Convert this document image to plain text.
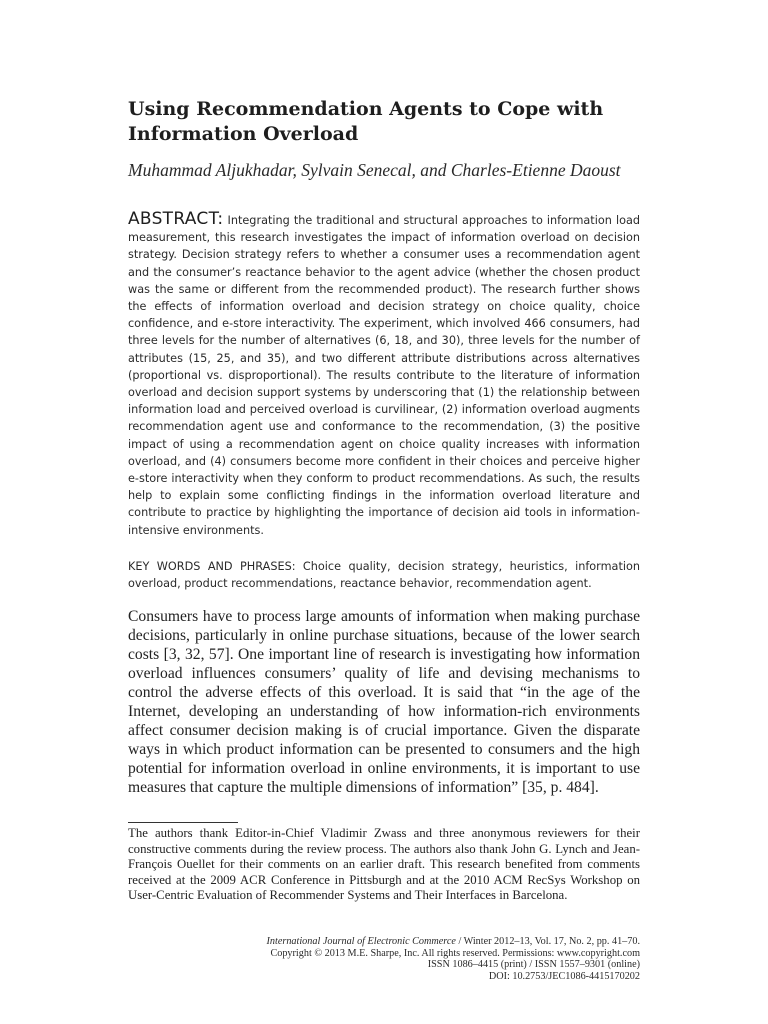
Using Recommendation Agents to Cope with Information Overload
Muhammad Aljukhadar, Sylvain Senecal, and Charles-Etienne Daoust

ABSTRACT: Integrating the traditional and structural approaches to information load measurement, this research investigates the impact of information overload on decision strategy. Decision strategy refers to whether a consumer uses a recommendation agent and the consumer’s reactance behavior to the agent advice (whether the chosen product was the same or different from the recommended product). The research further shows the effects of information overload and decision strategy on choice quality, choice confidence, and e-store interactivity. The experiment, which involved 466 consumers, had three levels for the number of alternatives (6, 18, and 30), three levels for the number of attributes (15, 25, and 35), and two different attribute distributions across alternatives (proportional vs. disproportional). The results contribute to the literature of information overload and decision support systems by underscoring that (1) the relationship between information load and perceived overload is curvilinear, (2) information overload augments recommendation agent use and conformance to the recommendation, (3) the positive impact of using a recommendation agent on choice quality increases with information overload, and (4) consumers become more confident in their choices and perceive higher e-store interactivity when they conform to product recommendations. As such, the results help to explain some conflicting findings in the information overload literature and contribute to practice by highlighting the importance of decision aid tools in information-intensive environments.

KEY WORDS AND PHRASES: Choice quality, decision strategy, heuristics, information overload, product recommendations, reactance behavior, recommendation agent.

Consumers have to process large amounts of information when making purchase decisions, particularly in online purchase situations, because of the lower search costs [3, 32, 57]. One important line of research is investigating how information overload influences consumers’ quality of life and devising mechanisms to control the adverse effects of this overload. It is said that “in the age of the Internet, developing an understanding of how information-rich environments affect consumer decision making is of crucial importance. Given the disparate ways in which product information can be presented to consumers and the high potential for information overload in online environments, it is important to use measures that capture the multiple dimensions of information” [35, p. 484].

The authors thank Editor-in-Chief Vladimir Zwass and three anonymous reviewers for their constructive comments during the review process. The authors also thank John G. Lynch and Jean-François Ouellet for their comments on an earlier draft. This research benefited from comments received at the 2009 ACR Conference in Pittsburgh and at the 2010 ACM RecSys Workshop on User-Centric Evaluation of Recommender Systems and Their Interfaces in Barcelona.

International Journal of Electronic Commerce / Winter 2012–13, Vol. 17, No. 2, pp. 41–70.
Copyright © 2013 M.E. Sharpe, Inc. All rights reserved. Permissions: www.copyright.com
ISSN 1086–4415 (print) / ISSN 1557–9301 (online)
DOI: 10.2753/JEC1086-4415170202
